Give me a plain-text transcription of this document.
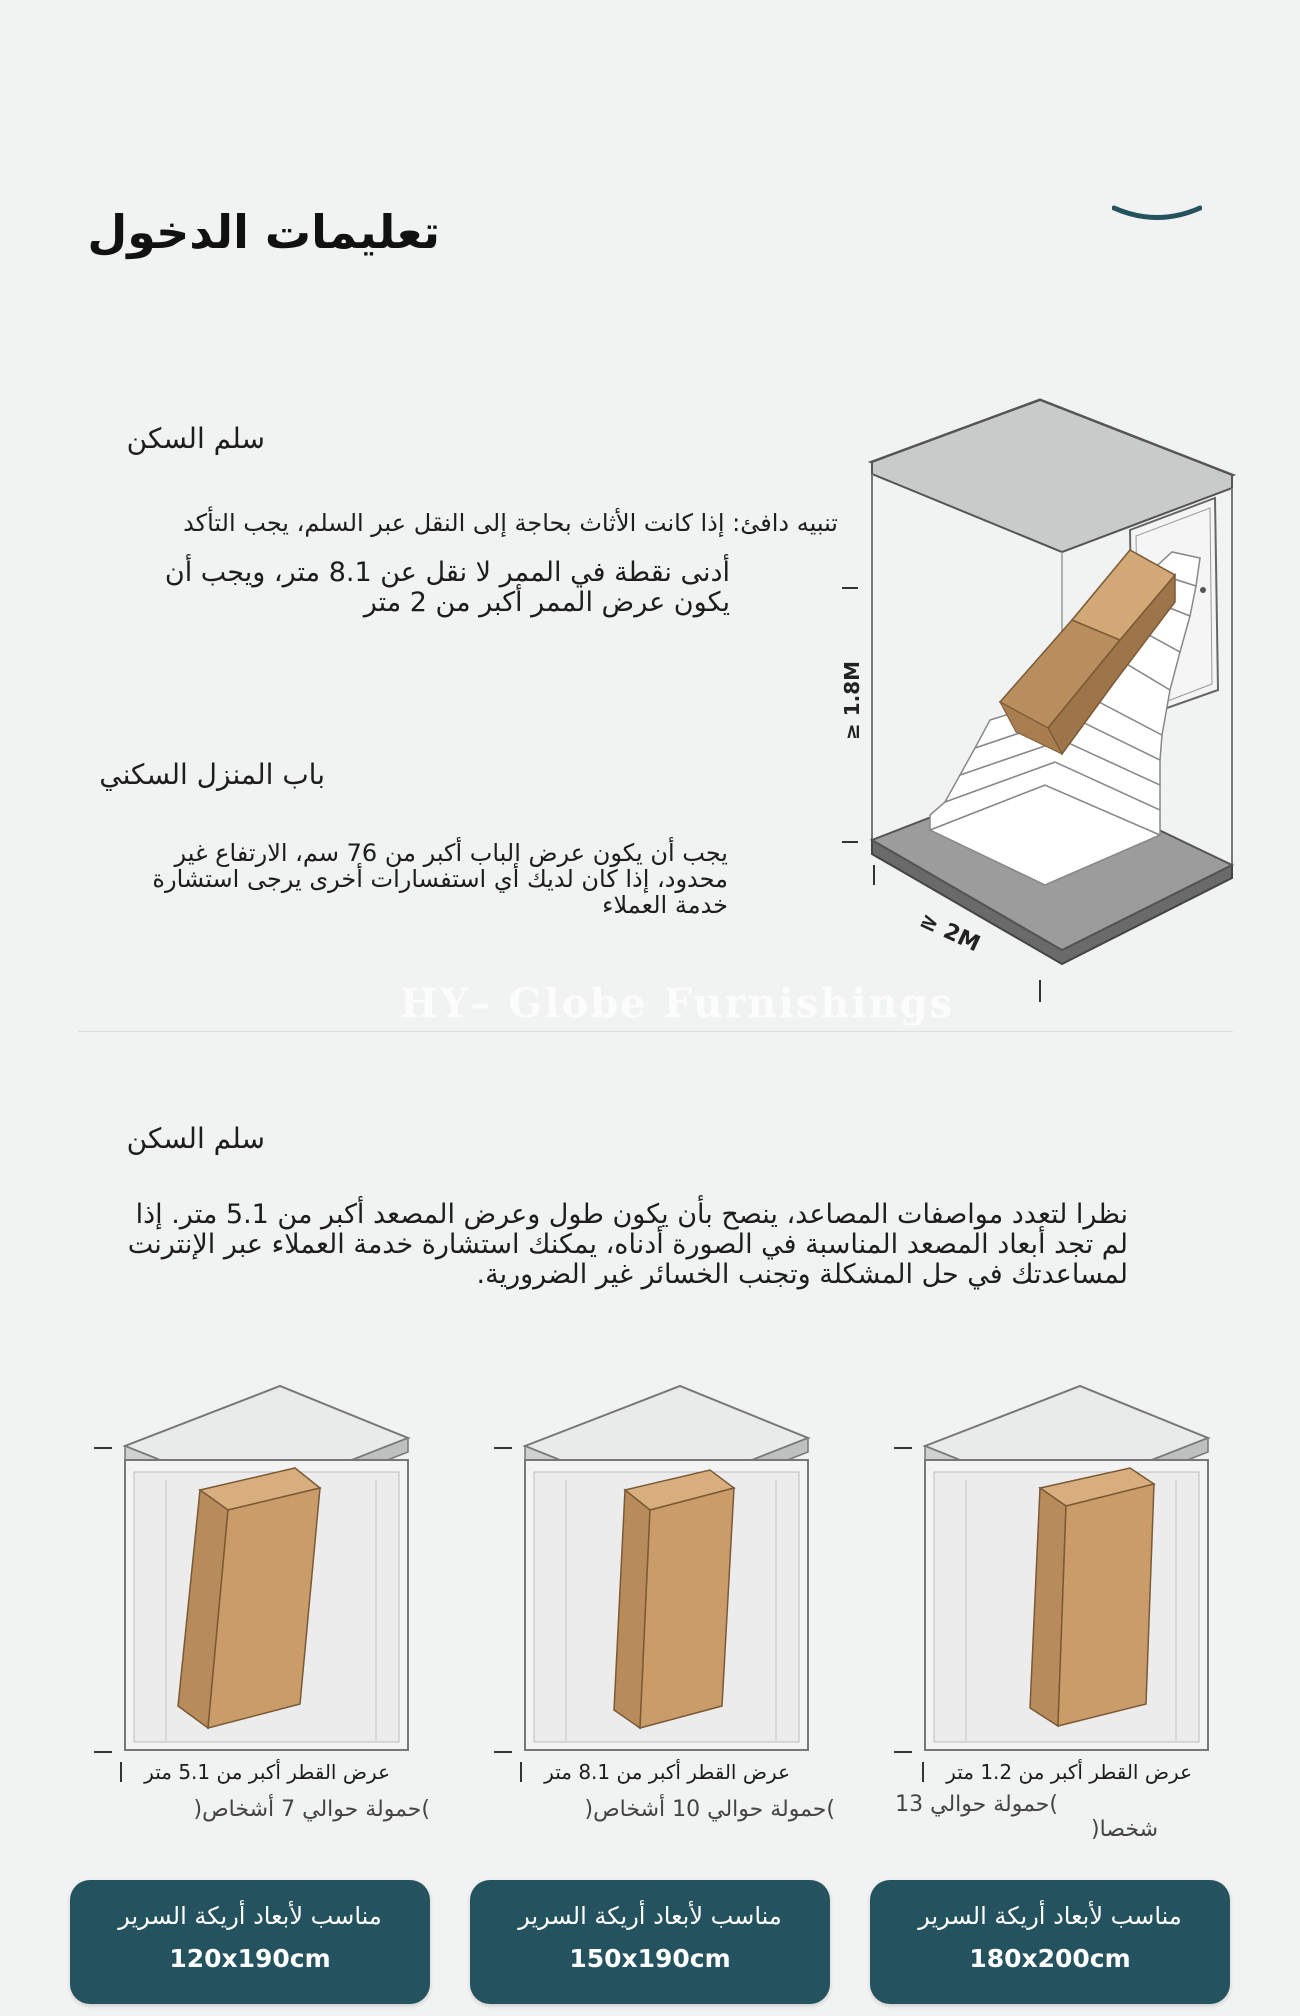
تعليمات الدخول
سلم السكن
تنبيه دافئ: إذا كانت الأثاث بحاجة إلى النقل عبر السلم، يجب التأكد
أدنى نقطة في الممر لا نقل عن 8.1 متر، ويجب أن
يكون عرض الممر أكبر من 2 متر
باب المنزل السكني
يجب أن يكون عرض الباب أكبر من 76 سم، الارتفاع غير
محدود، إذا كان لديك أي استفسارات أخرى يرجى استشارة
خدمة العملاء
≥ 1.8M
≥ 2M
HY– Globe Furnishings
سلم السكن
نظرا لتعدد مواصفات المصاعد، ينصح بأن يكون طول وعرض المصعد أكبر من 5.1 متر. إذا
لم تجد أبعاد المصعد المناسبة في الصورة أدناه، يمكنك استشارة خدمة العملاء عبر الإنترنت
لمساعدتك في حل المشكلة وتجنب الخسائر غير الضرورية.
عرض القطر أكبر من 5.1 متر
)حمولة حوالي 7 أشخاص(
عرض القطر أكبر من 8.1 متر
)حمولة حوالي 10 أشخاص(
عرض القطر أكبر من 1.2 متر
)حمولة حوالي 13
شخصا(
مناسب لأبعاد أريكة السرير
120x190cm
مناسب لأبعاد أريكة السرير
150x190cm
مناسب لأبعاد أريكة السرير
180x200cm
